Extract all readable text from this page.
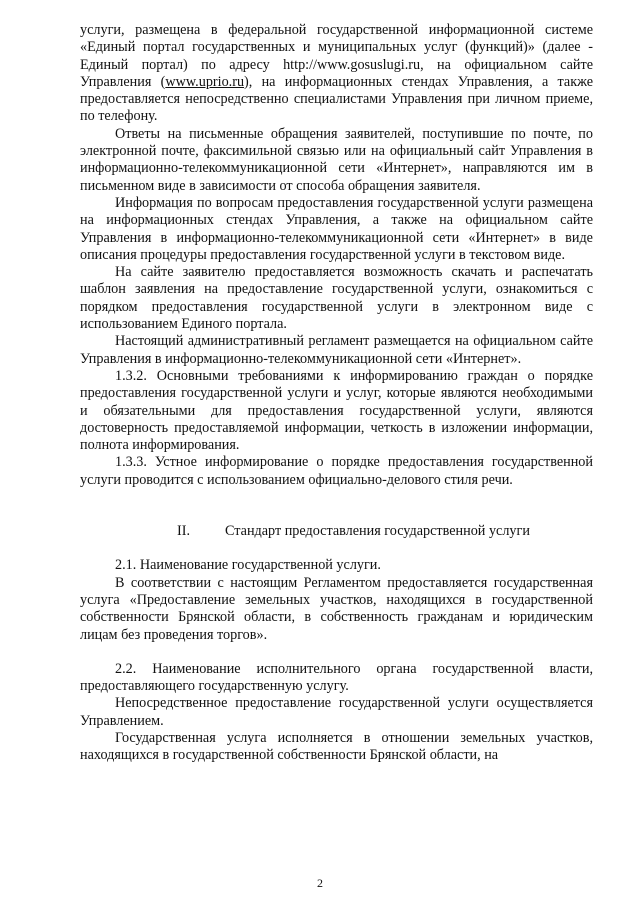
услуги, размещена в федеральной государственной информационной системе «Единый портал государственных и муниципальных услуг (функций)» (далее - Единый портал) по адресу http://www.gosuslugi.ru, на официальном сайте Управления (www.uprio.ru), на информационных стендах Управления, а также предоставляется непосредственно специалистами Управления при личном приеме, по телефону.

Ответы на письменные обращения заявителей, поступившие по почте, по электронной почте, факсимильной связью или на официальный сайт Управления в информационно-телекоммуникационной сети «Интернет», направляются им в письменном виде в зависимости от способа обращения заявителя.

Информация по вопросам предоставления государственной услуги размещена на информационных стендах Управления, а также на официальном сайте Управления в информационно-телекоммуникационной сети «Интернет» в виде описания процедуры предоставления государственной услуги в текстовом виде.

На сайте заявителю предоставляется возможность скачать и распечатать шаблон заявления на предоставление государственной услуги, ознакомиться с порядком предоставления государственной услуги в электронном виде с использованием Единого портала.

Настоящий административный регламент размещается на официальном сайте Управления в информационно-телекоммуникационной сети «Интернет».

1.3.2. Основными требованиями к информированию граждан о порядке предоставления государственной услуги и услуг, которые являются необходимыми и обязательными для предоставления государственной услуги, являются достоверность предоставляемой информации, четкость в изложении информации, полнота информирования.

1.3.3. Устное информирование о порядке предоставления государственной услуги проводится с использованием официально-делового стиля речи.

II. Стандарт предоставления государственной услуги

2.1. Наименование государственной услуги.

В соответствии с настоящим Регламентом предоставляется государственная услуга «Предоставление земельных участков, находящихся в государственной собственности Брянской области, в собственность гражданам и юридическим лицам без проведения торгов».

2.2. Наименование исполнительного органа государственной власти, предоставляющего государственную услугу.

Непосредственное предоставление государственной услуги осуществляется Управлением.

Государственная услуга исполняется в отношении земельных участков, находящихся в государственной собственности Брянской области, на

2
